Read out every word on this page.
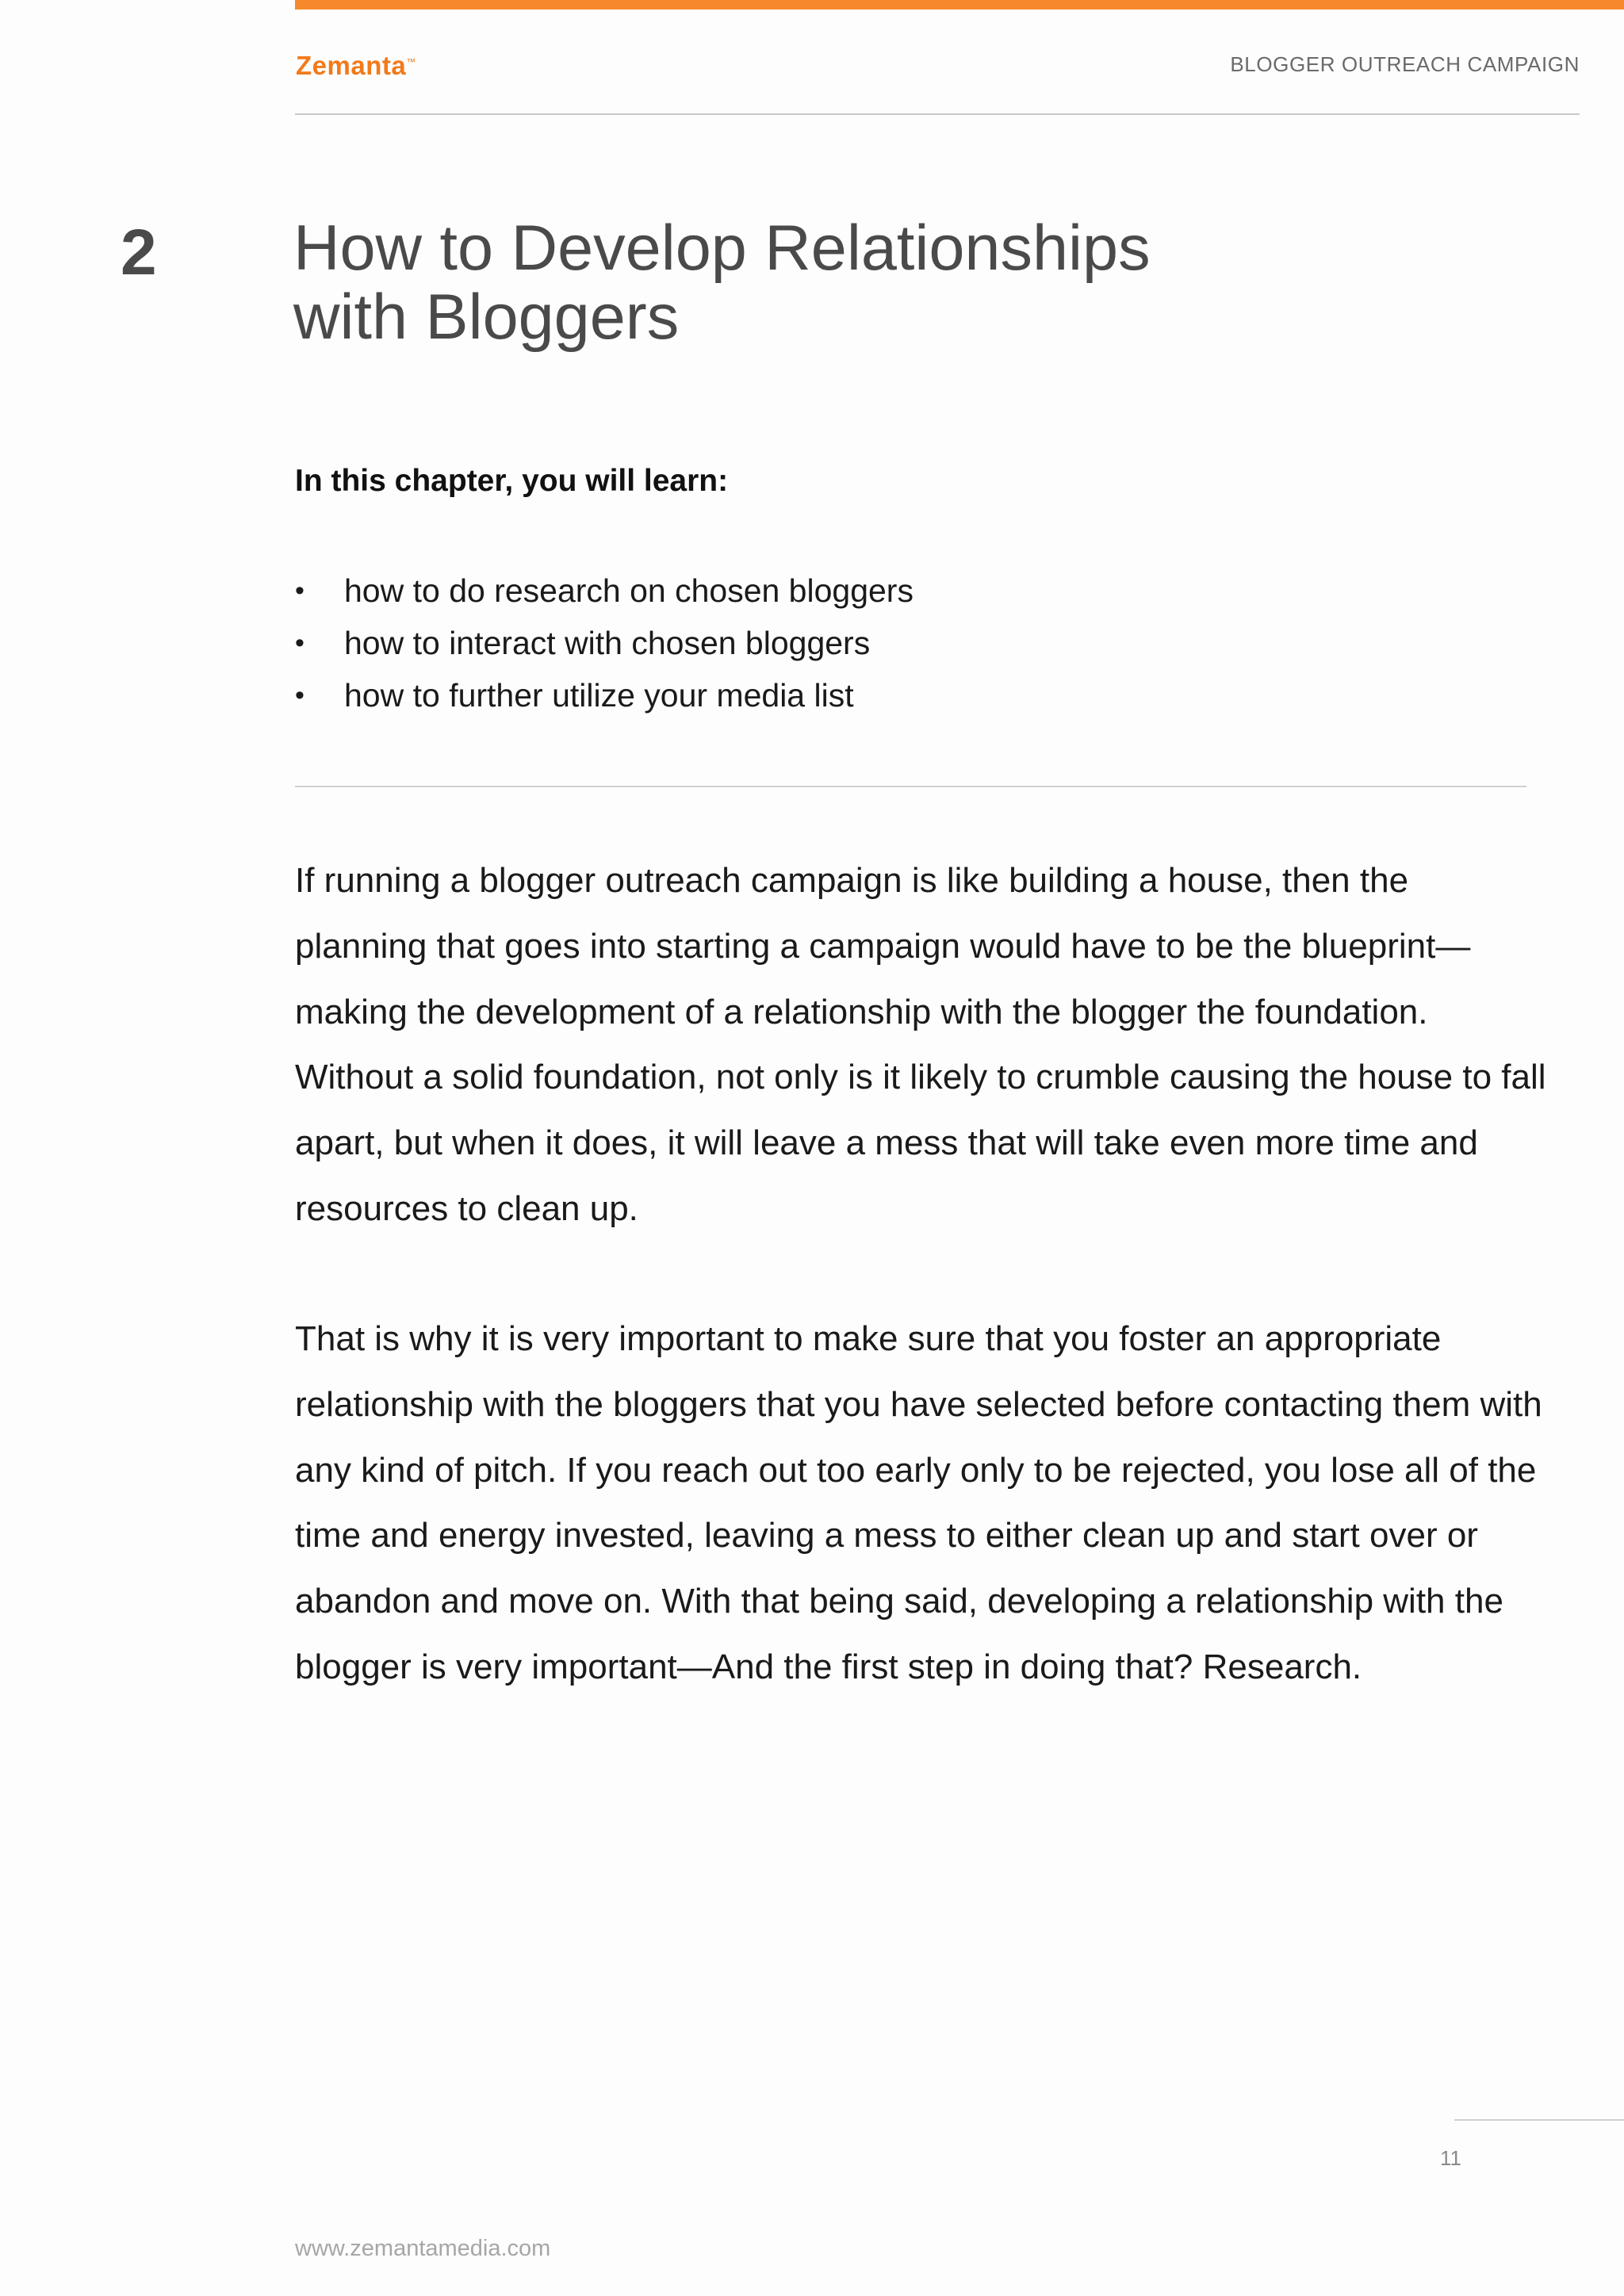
Zemanta™	BLOGGER OUTREACH CAMPAIGN
2 How to Develop Relationships
with Bloggers
In this chapter, you will learn:
• how to do research on chosen bloggers
• how to interact with chosen bloggers
• how to further utilize your media list

If running a blogger outreach campaign is like building a house, then the planning that goes into starting a campaign would have to be the blueprint—making the development of a relationship with the blogger the foundation. Without a solid foundation, not only is it likely to crumble causing the house to fall apart, but when it does, it will leave a mess that will take even more time and resources to clean up.

That is why it is very important to make sure that you foster an appropriate relationship with the bloggers that you have selected before contacting them with any kind of pitch. If you reach out too early only to be rejected, you lose all of the time and energy invested, leaving a mess to either clean up and start over or abandon and move on. With that being said, developing a relationship with the blogger is very important—And the first step in doing that? Research.

11
www.zemantamedia.com
